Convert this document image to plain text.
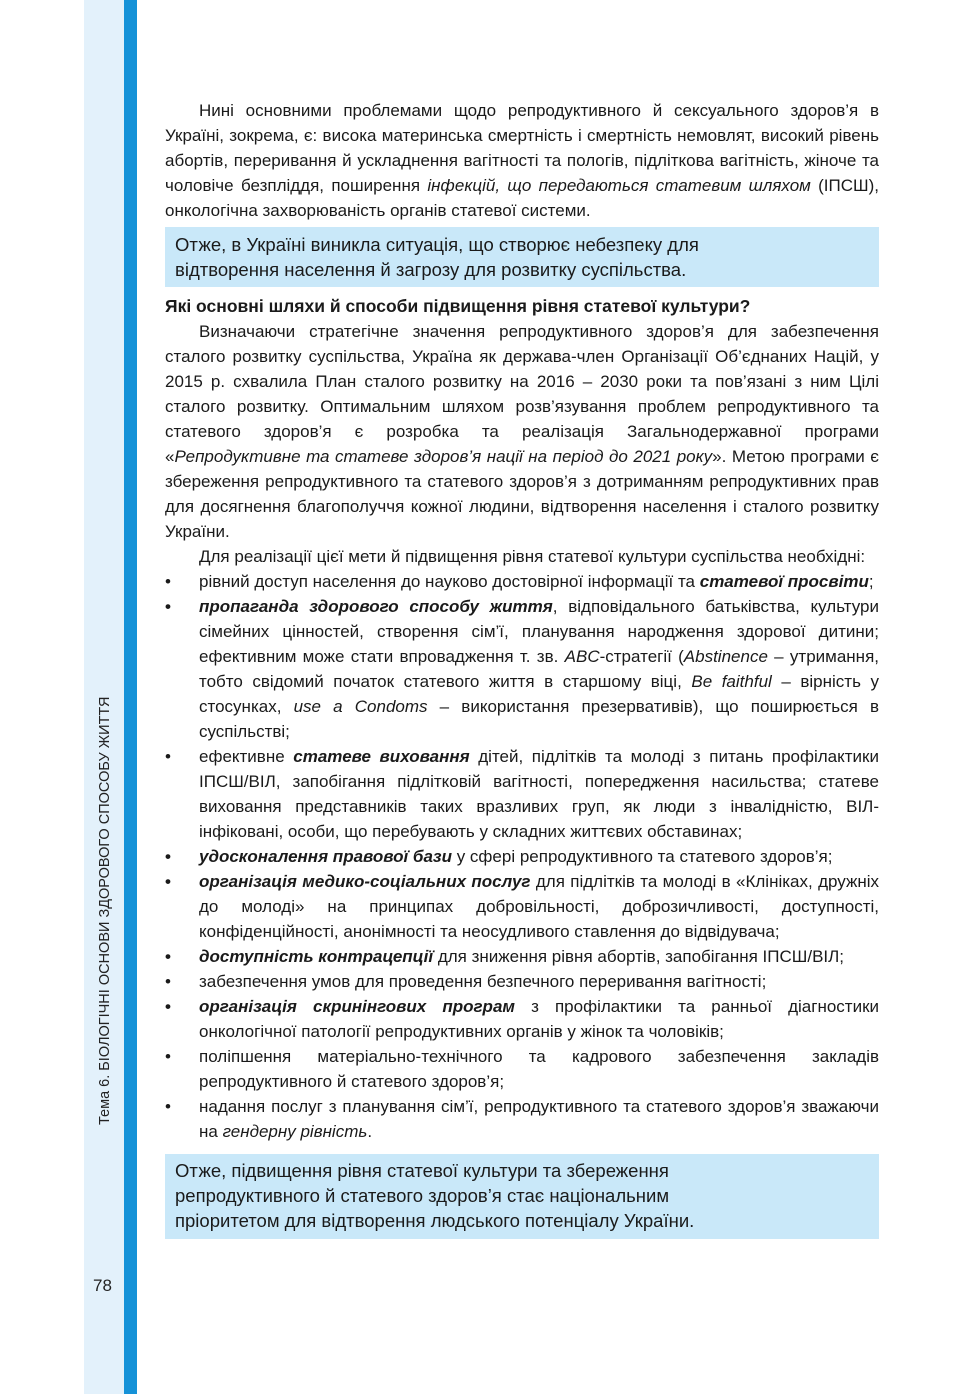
Тема 6. БІОЛОГІЧНІ ОСНОВИ ЗДОРОВОГО СПОСОБУ ЖИТТЯ
78

Нині основними проблемами щодо репродуктивного й сексуального здоров’я в Україні, зокрема, є: висока материнська смертність і смертність немовлят, високий рівень абортів, переривання й ускладнення вагітності та пологів, підліткова вагітність, жіноче та чоловіче безпліддя, поширення інфекцій, що передаються статевим шляхом (ІПСШ), онкологічна захворюваність органів статевої системи.

Отже, в Україні виникла ситуація, що створює небезпеку для

відтворення населення й загрозу для розвитку суспільства.

Які основні шляхи й способи підвищення рівня статевої культури?

Визначаючи стратегічне значення репродуктивного здоров’я для забезпечення сталого розвитку суспільства, Україна як держава-член Організації Об’єднаних Націй, у 2015 р. схвалила План сталого розвитку на 2016 – 2030 роки та пов’язані з ним Цілі сталого розвитку. Оптимальним шляхом розв’язування проблем репродуктивного та статевого здоров’я є розробка та реалізація Загальнодержавної програми «Репродуктивне та статеве здоров’я нації на період до 2021 року». Метою програми є збереження репродуктивного та статевого здоров’я з дотриманням репродуктивних прав для досягнення благополуччя кожної людини, відтворення населення і сталого розвитку України.

Для реалізації цієї мети й підвищення рівня статевої культури суспільства необхідні:

•	рівний доступ населення до науково достовірної інформації та статевої просвіти;
•	пропаганда здорового способу життя, відповідального батьківства, культури сімейних цінностей, створення сім’ї, планування народження здорової дитини; ефективним може стати впровадження т. зв. ABC-стратегії (Abstinence – утримання, тобто свідомий початок статевого життя в старшому віці, Be faithful – вірність у стосунках, use a Condoms – використання презервативів), що поширюється в суспільстві;
•	ефективне статеве виховання дітей, підлітків та молоді з питань профілактики ІПСШ/ВІЛ, запобігання підлітковій вагітності, попередження насильства; статеве виховання представників таких вразливих груп, як люди з інвалідністю, ВІЛ-інфіковані, особи, що перебувають у складних життєвих обставинах;
•	удосконалення правової бази у сфері репродуктивного та статевого здоров’я;
•	організація медико-соціальних послуг для підлітків та молоді в «Клініках, дружніх до молоді» на принципах добровільності, доброзичливості, доступності, конфіденційності, анонімності та неосудливого ставлення до відвідувача;
•	доступність контрацепції для зниження рівня абортів, запобігання ІПСШ/ВІЛ;
•	забезпечення умов для проведення безпечного переривання вагітності;
•	організація скринінгових програм з профілактики та ранньої діагностики онкологічної патології репродуктивних органів у жінок та чоловіків;
•	поліпшення матеріально-технічного та кадрового забезпечення закладів репродуктивного й статевого здоров’я;
•	надання послуг з планування сім’ї, репродуктивного та статевого здоров’я зважаючи на гендерну рівність.

Отже, підвищення рівня статевої культури та збереження

репродуктивного й статевого здоров’я стає національним

пріоритетом для відтворення людського потенціалу України.
